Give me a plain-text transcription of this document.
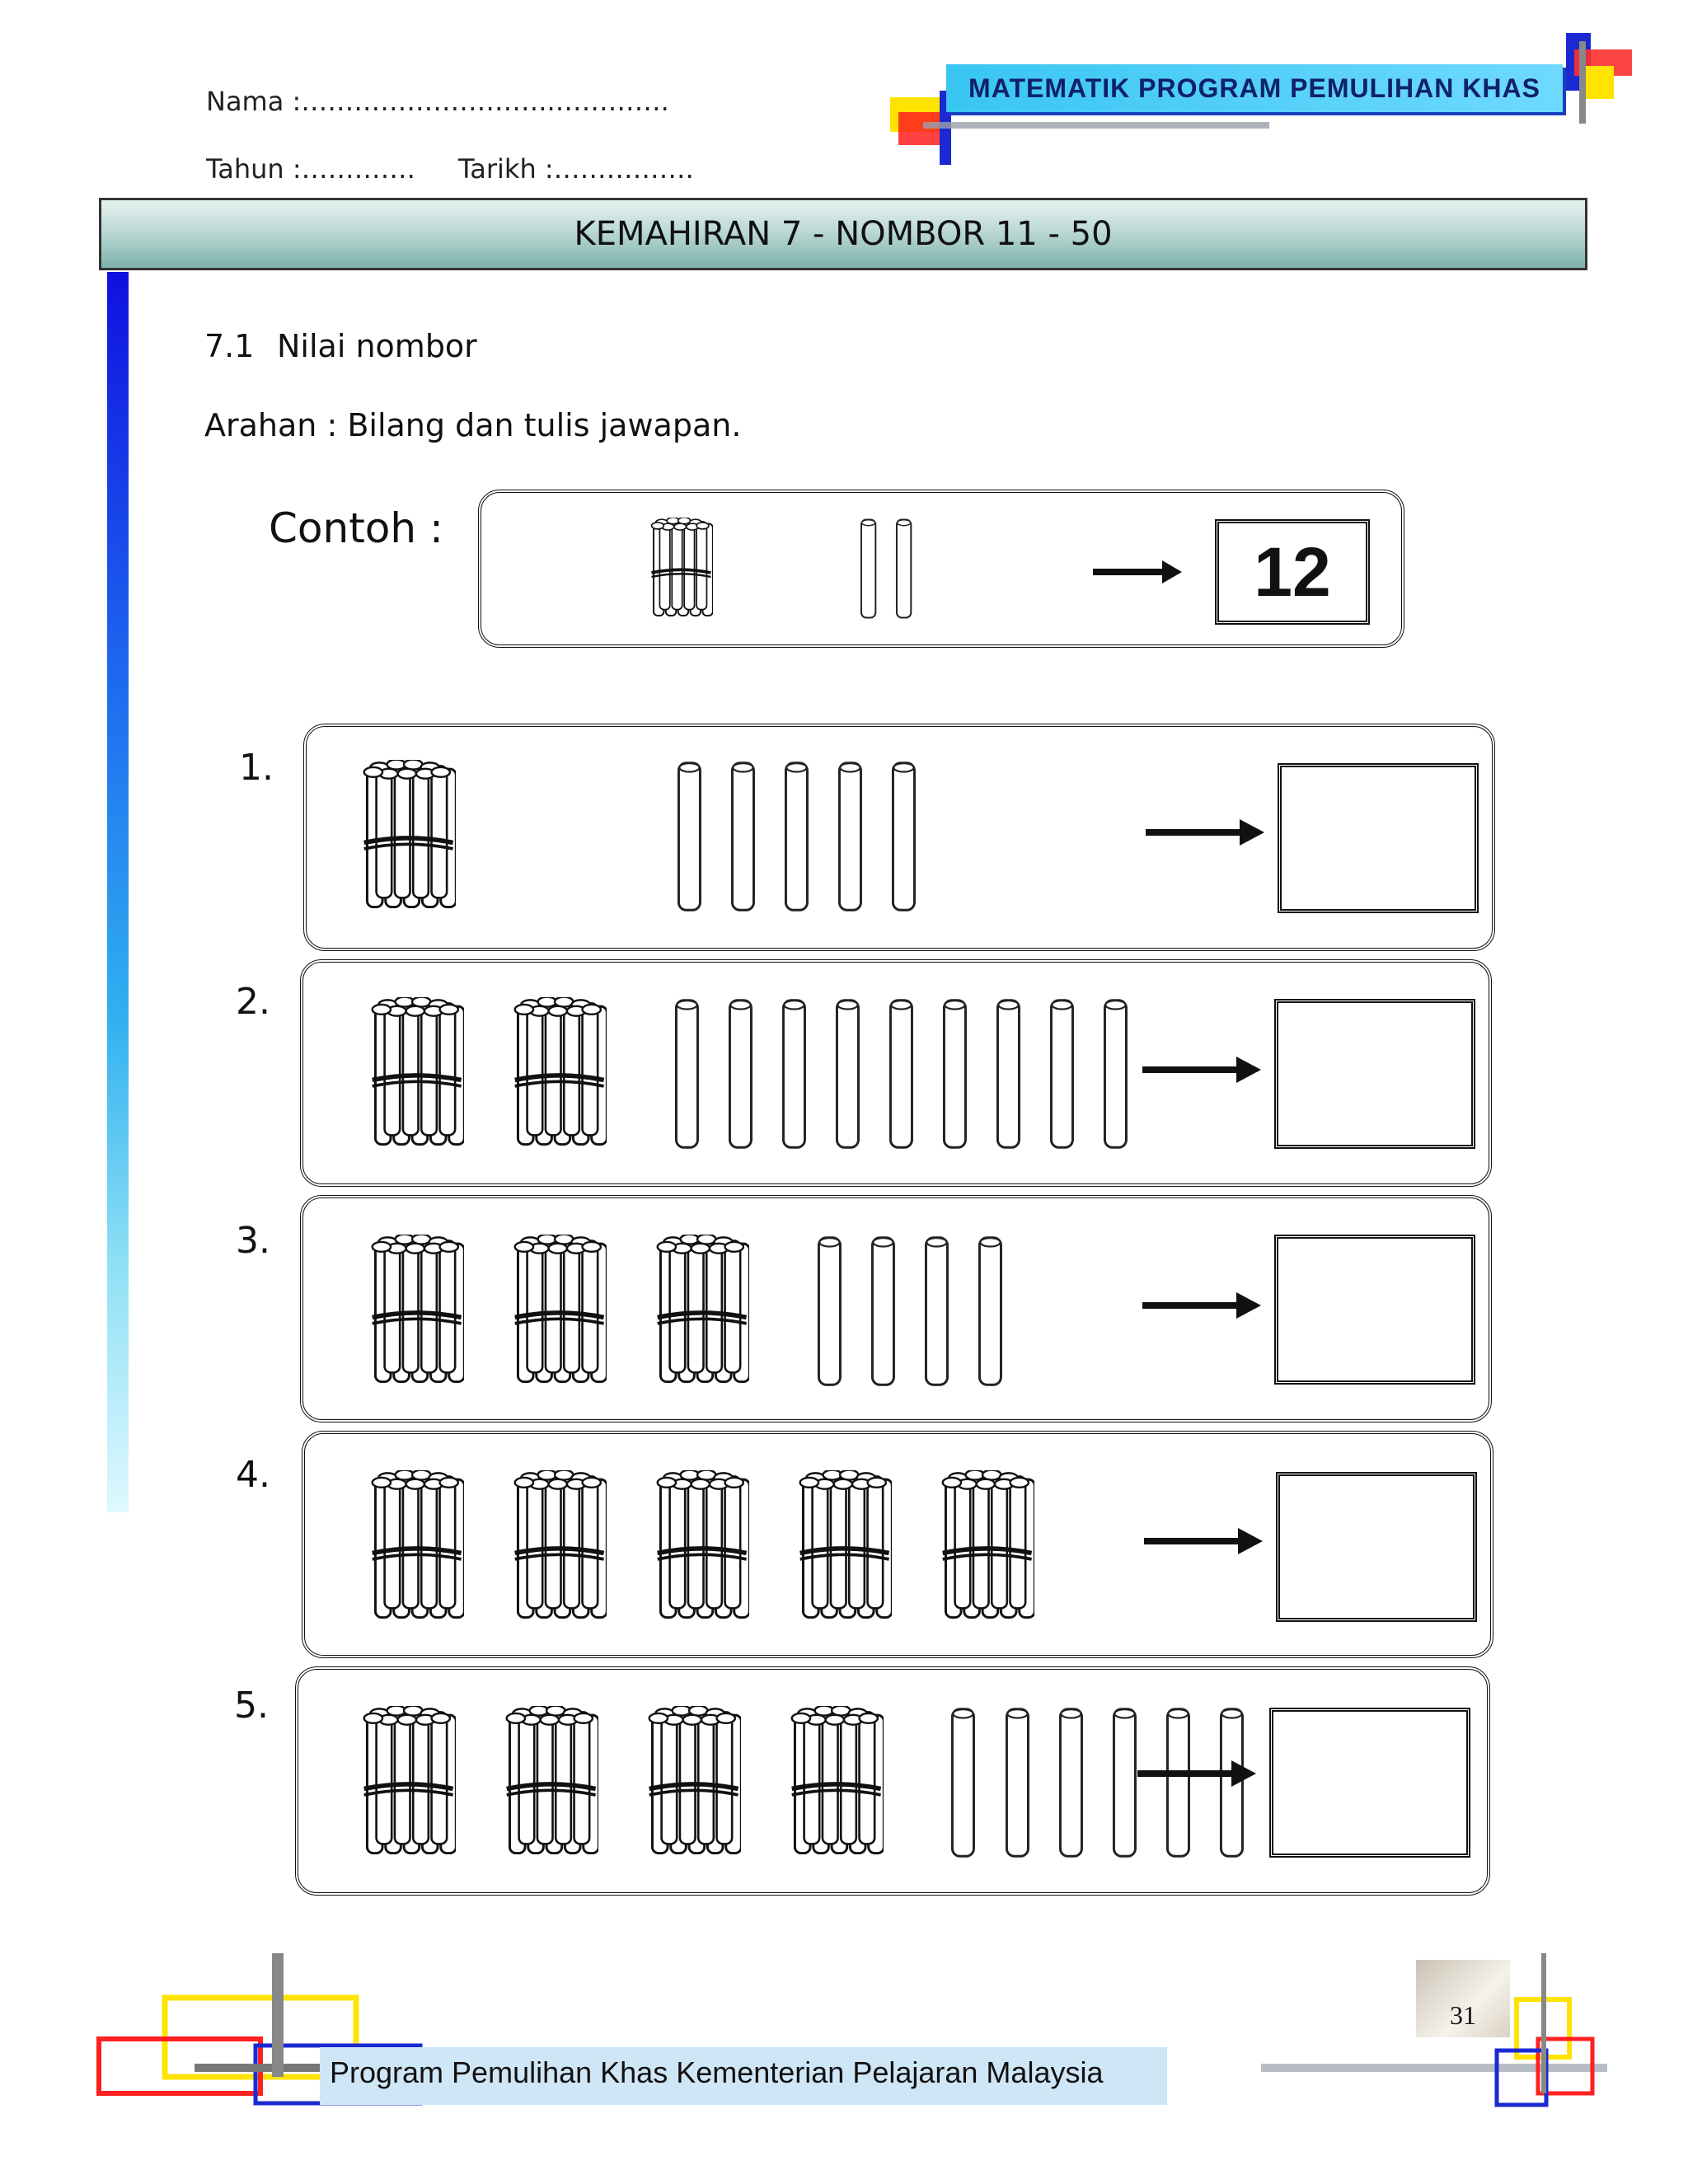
MATEMATIK PROGRAM PEMULIHAN KHAS
Nama :………………………..………….
Tahun :…………. Tarikh :…………….
KEMAHIRAN 7 - NOMBOR 11 - 50
7.1 Nilai nombor
Arahan : Bilang dan tulis jawapan.
Contoh :
12
1.
2.
3.
4.
5.
Program Pemulihan Khas Kementerian Pelajaran Malaysia
31
